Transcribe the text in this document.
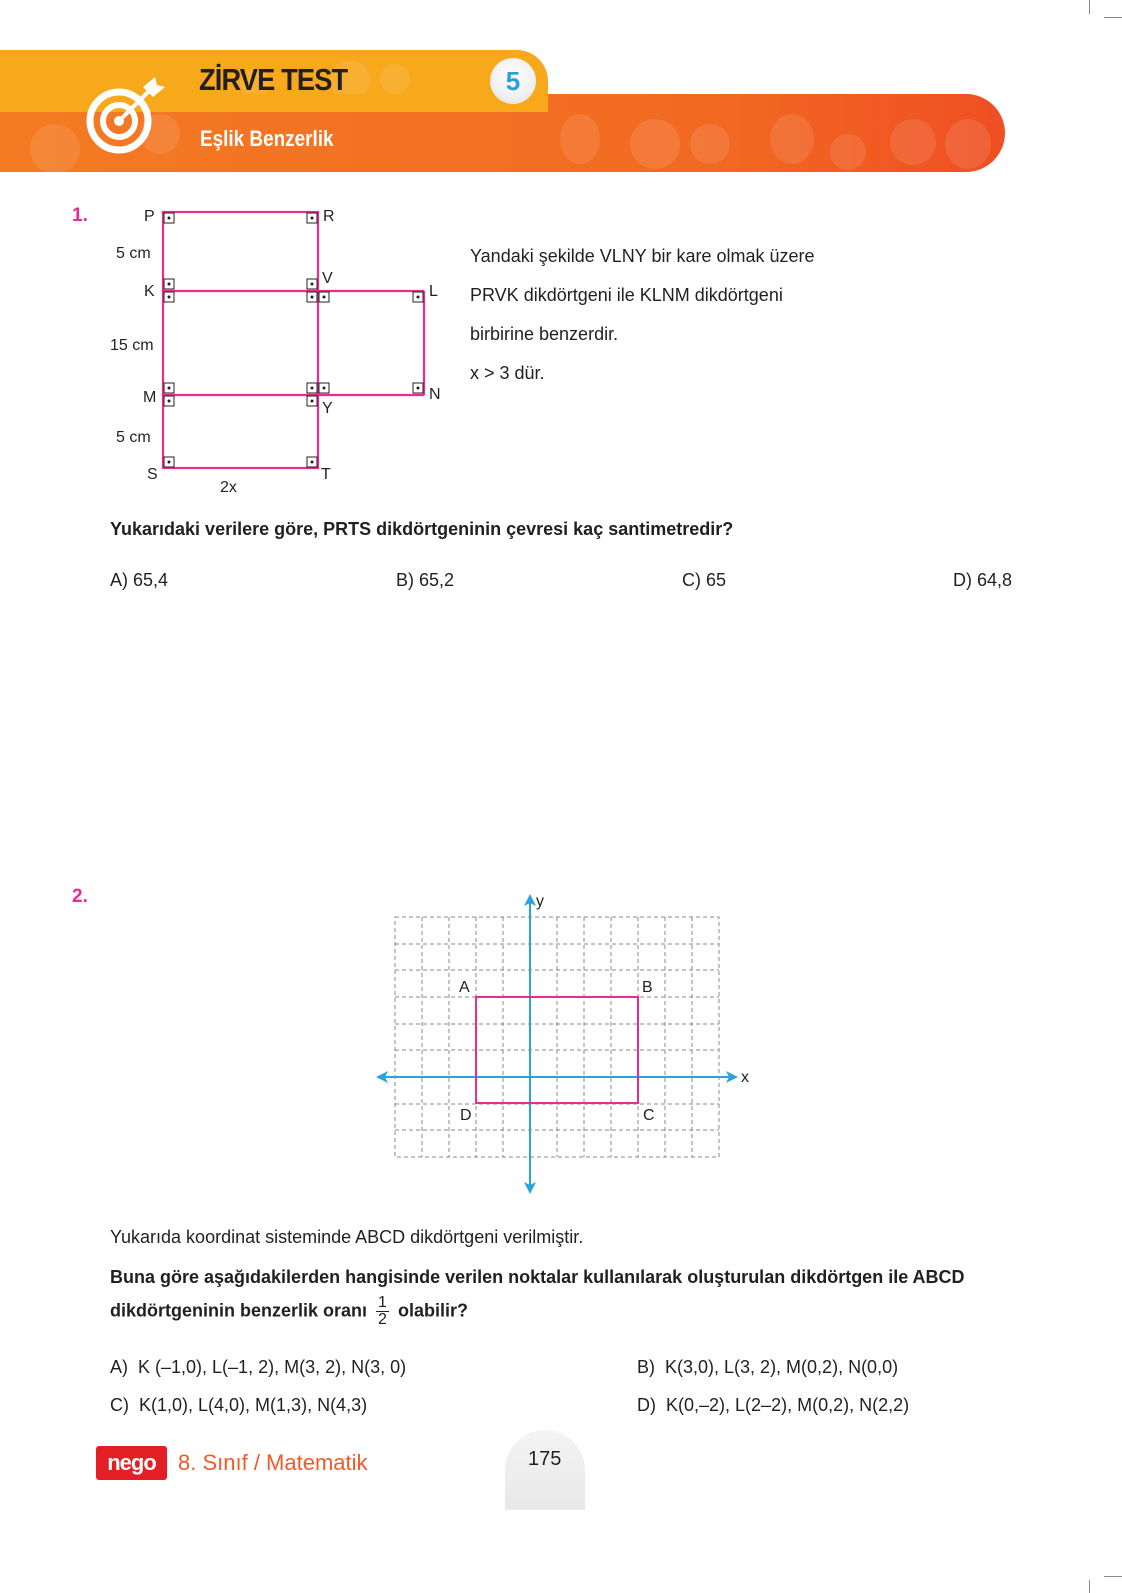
ZİRVE TEST	5
Eşlik Benzerlik
1.	P	R
K
V
L
M
Y
N
S	T
5 cm
15 cm
5 cm
2x
Yandaki şekilde VLNY bir kare olmak üzere
PRVK dikdörtgeni ile KLNM dikdörtgeni
birbirine benzerdir.
x > 3 dür.
Yukarıdaki verilere göre, PRTS dikdörtgeninin çevresi kaç santimetredir?
A) 65,4	B) 65,2	C) 65	D) 64,8
2.
x
y
A	B
C
D
Yukarıda koordinat sisteminde ABCD dikdörtgeni verilmiştir.
Buna göre aşağıdakilerden hangisinde verilen noktalar kullanılarak oluşturulan dikdörtgen ile ABCD
dikdörtgeninin benzerlik oranı $\frac{1}{2}$ olabilir?
A) K (–1,0), L(–1, 2), M(3, 2), N(3, 0)	B) K(3,0), L(3, 2), M(0,2), N(0,0)
C) K(1,0), L(4,0), M(1,3), N(4,3)	D) K(0,–2), L(2–2), M(0,2), N(2,2)
nego	8. Sınıf / Matematik	175
